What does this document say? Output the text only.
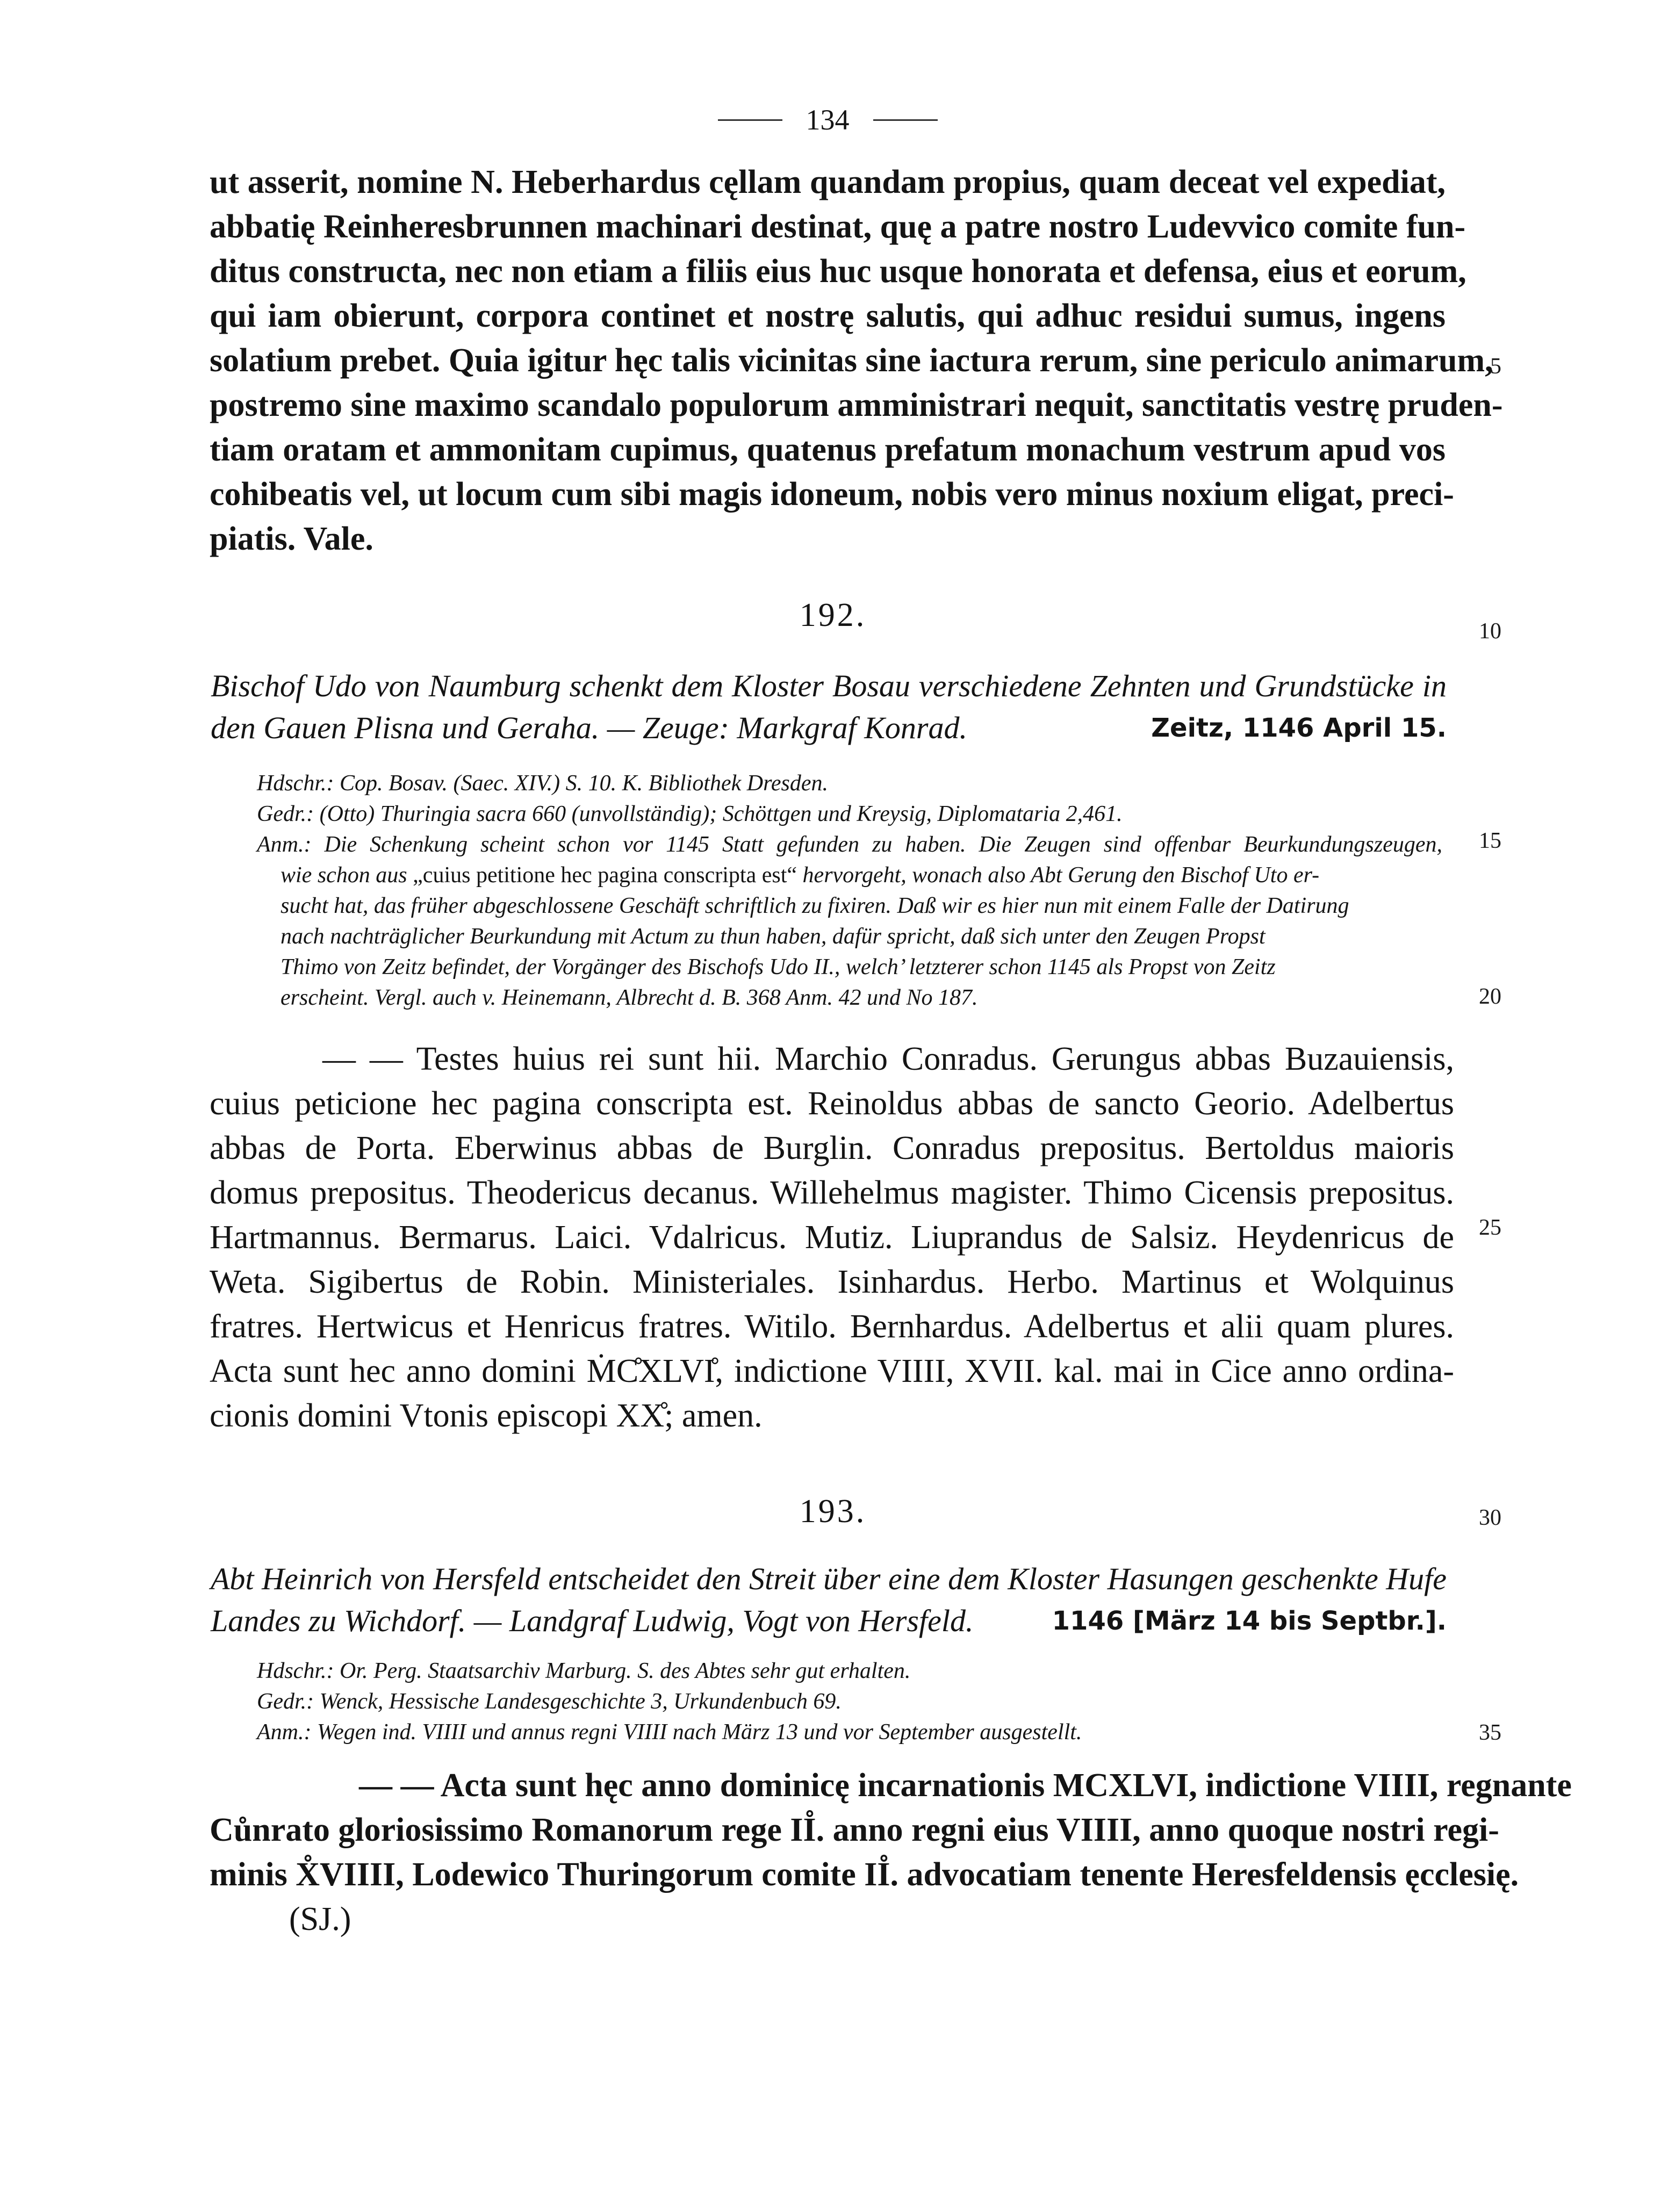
134
ut asserit, nomine N. Heberhardus cęllam quandam propius, quam deceat vel expediat,
abbatię Reinheresbrunnen machinari destinat, quę a patre nostro Ludevvico comite fun-
ditus constructa, nec non etiam a filiis eius huc usque honorata et defensa, eius et eorum,
qui iam obierunt, corpora continet et nostrę salutis, qui adhuc residui sumus, ingens
solatium prebet. Quia igitur hęc talis vicinitas sine iactura rerum, sine periculo animarum,
postremo sine maximo scandalo populorum amministrari nequit, sanctitatis vestrę pruden-
tiam oratam et ammonitam cupimus, quatenus prefatum monachum vestrum apud vos
cohibeatis vel, ut locum cum sibi magis idoneum, nobis vero minus noxium eligat, preci-
piatis. Vale.
192.
Bischof Udo von Naumburg schenkt dem Kloster Bosau verschiedene Zehnten und Grundstücke in
den Gauen Plisna und Geraha. — Zeuge: Markgraf Konrad.	Zeitz, 1146 April 15.
Hdschr.: Cop. Bosav. (Saec. XIV.) S. 10. K. Bibliothek Dresden.
Gedr.: (Otto) Thuringia sacra 660 (unvollständig); Schöttgen und Kreysig, Diplomataria 2,461.
Anm.: Die Schenkung scheint schon vor 1145 Statt gefunden zu haben. Die Zeugen sind offenbar Beurkundungszeugen,
wie schon aus „cuius petitione hec pagina conscripta est“ hervorgeht, wonach also Abt Gerung den Bischof Uto er-
sucht hat, das früher abgeschlossene Geschäft schriftlich zu fixiren. Daß wir es hier nun mit einem Falle der Datirung
nach nachträglicher Beurkundung mit Actum zu thun haben, dafür spricht, daß sich unter den Zeugen Propst
Thimo von Zeitz befindet, der Vorgänger des Bischofs Udo II., welch’ letzterer schon 1145 als Propst von Zeitz
erscheint. Vergl. auch v. Heinemann, Albrecht d. B. 368 Anm. 42 und No 187.
— — Testes huius rei sunt hii. Marchio Conradus. Gerungus abbas Buzauiensis,
cuius peticione hec pagina conscripta est. Reinoldus abbas de sancto Georio. Adelbertus
abbas de Porta. Eberwinus abbas de Burglin. Conradus prepositus. Bertoldus maioris
domus prepositus. Theodericus decanus. Willehelmus magister. Thimo Cicensis prepositus.
Hartmannus. Bermarus. Laici. Vdalricus. Mutiz. Liuprandus de Salsiz. Heydenricus de
Weta. Sigibertus de Robin. Ministeriales. Isinhardus. Herbo. Martinus et Wolquinus
fratres. Hertwicus et Henricus fratres. Witilo. Bernhardus. Adelbertus et alii quam plures.
Acta sunt hec anno domini ṀC̊XLVI̊, indictione VIIII, XVII. kal. mai in Cice anno ordina-
cionis domini Vtonis episcopi XX̊; amen.
193.
Abt Heinrich von Hersfeld entscheidet den Streit über eine dem Kloster Hasungen geschenkte Hufe
Landes zu Wichdorf. — Landgraf Ludwig, Vogt von Hersfeld.	1146 [März 14 bis Septbr.].
Hdschr.: Or. Perg. Staatsarchiv Marburg. S. des Abtes sehr gut erhalten.
Gedr.: Wenck, Hessische Landesgeschichte 3, Urkundenbuch 69.
Anm.: Wegen ind. VIIII und annus regni VIIII nach März 13 und vor September ausgestellt.
— — Acta sunt hęc anno dominicę incarnationis MCXLVI, indictione VIIII, regnante
Cůnrato gloriosissimo Romanorum rege II̊. anno regni eius VIIII, anno quoque nostri regi-
minis X̊VIIII, Lodewico Thuringorum comite II̊. advocatiam tenente Heresfeldensis ęcclesię.
(SJ.)
5
10
15
20
25
30
35
